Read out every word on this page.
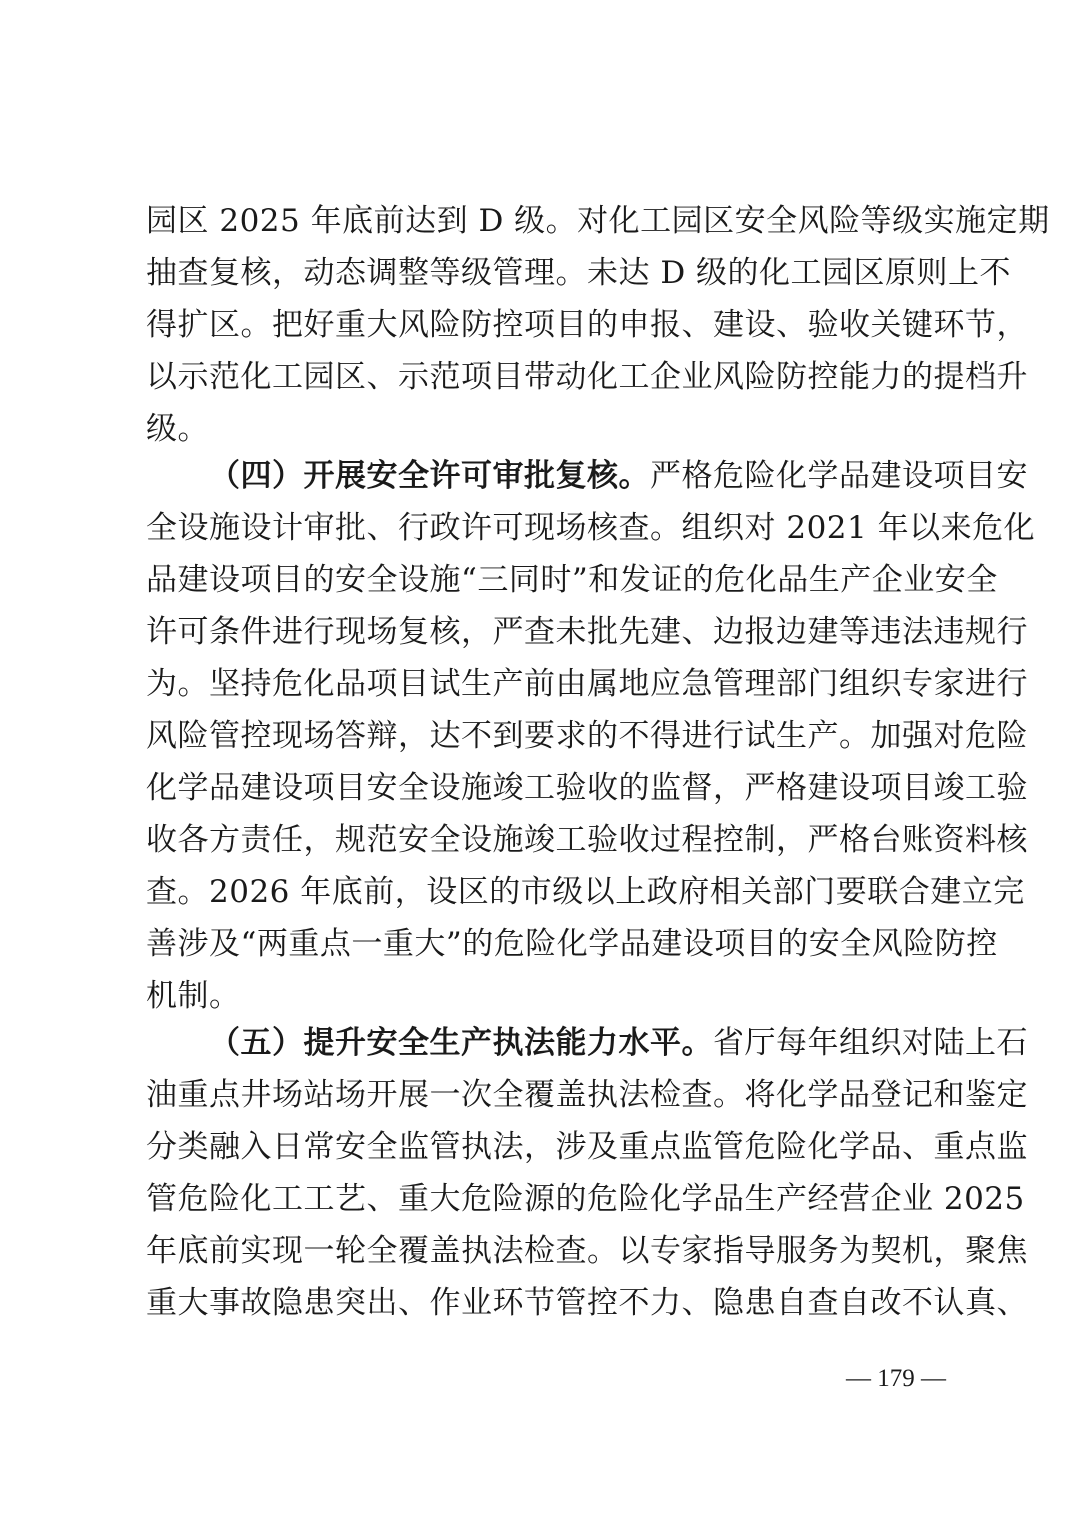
园区 2025 年底前达到 D 级。对化工园区安全风险等级实施定期
抽查复核，动态调整等级管理。未达 D 级的化工园区原则上不
得扩区。把好重大风险防控项目的申报、建设、验收关键环节，
以示范化工园区、示范项目带动化工企业风险防控能力的提档升
级。
（四）开展安全许可审批复核。严格危险化学品建设项目安
全设施设计审批、行政许可现场核查。组织对 2021 年以来危化
品建设项目的安全设施“三同时”和发证的危化品生产企业安全
许可条件进行现场复核，严查未批先建、边报边建等违法违规行
为。坚持危化品项目试生产前由属地应急管理部门组织专家进行
风险管控现场答辩，达不到要求的不得进行试生产。加强对危险
化学品建设项目安全设施竣工验收的监督，严格建设项目竣工验
收各方责任，规范安全设施竣工验收过程控制，严格台账资料核
查。2026 年底前，设区的市级以上政府相关部门要联合建立完
善涉及“两重点一重大”的危险化学品建设项目的安全风险防控
机制。
（五）提升安全生产执法能力水平。省厅每年组织对陆上石
油重点井场站场开展一次全覆盖执法检查。将化学品登记和鉴定
分类融入日常安全监管执法，涉及重点监管危险化学品、重点监
管危险化工工艺、重大危险源的危险化学品生产经营企业 2025
年底前实现一轮全覆盖执法检查。以专家指导服务为契机，聚焦
重大事故隐患突出、作业环节管控不力、隐患自查自改不认真、
— 179 —
